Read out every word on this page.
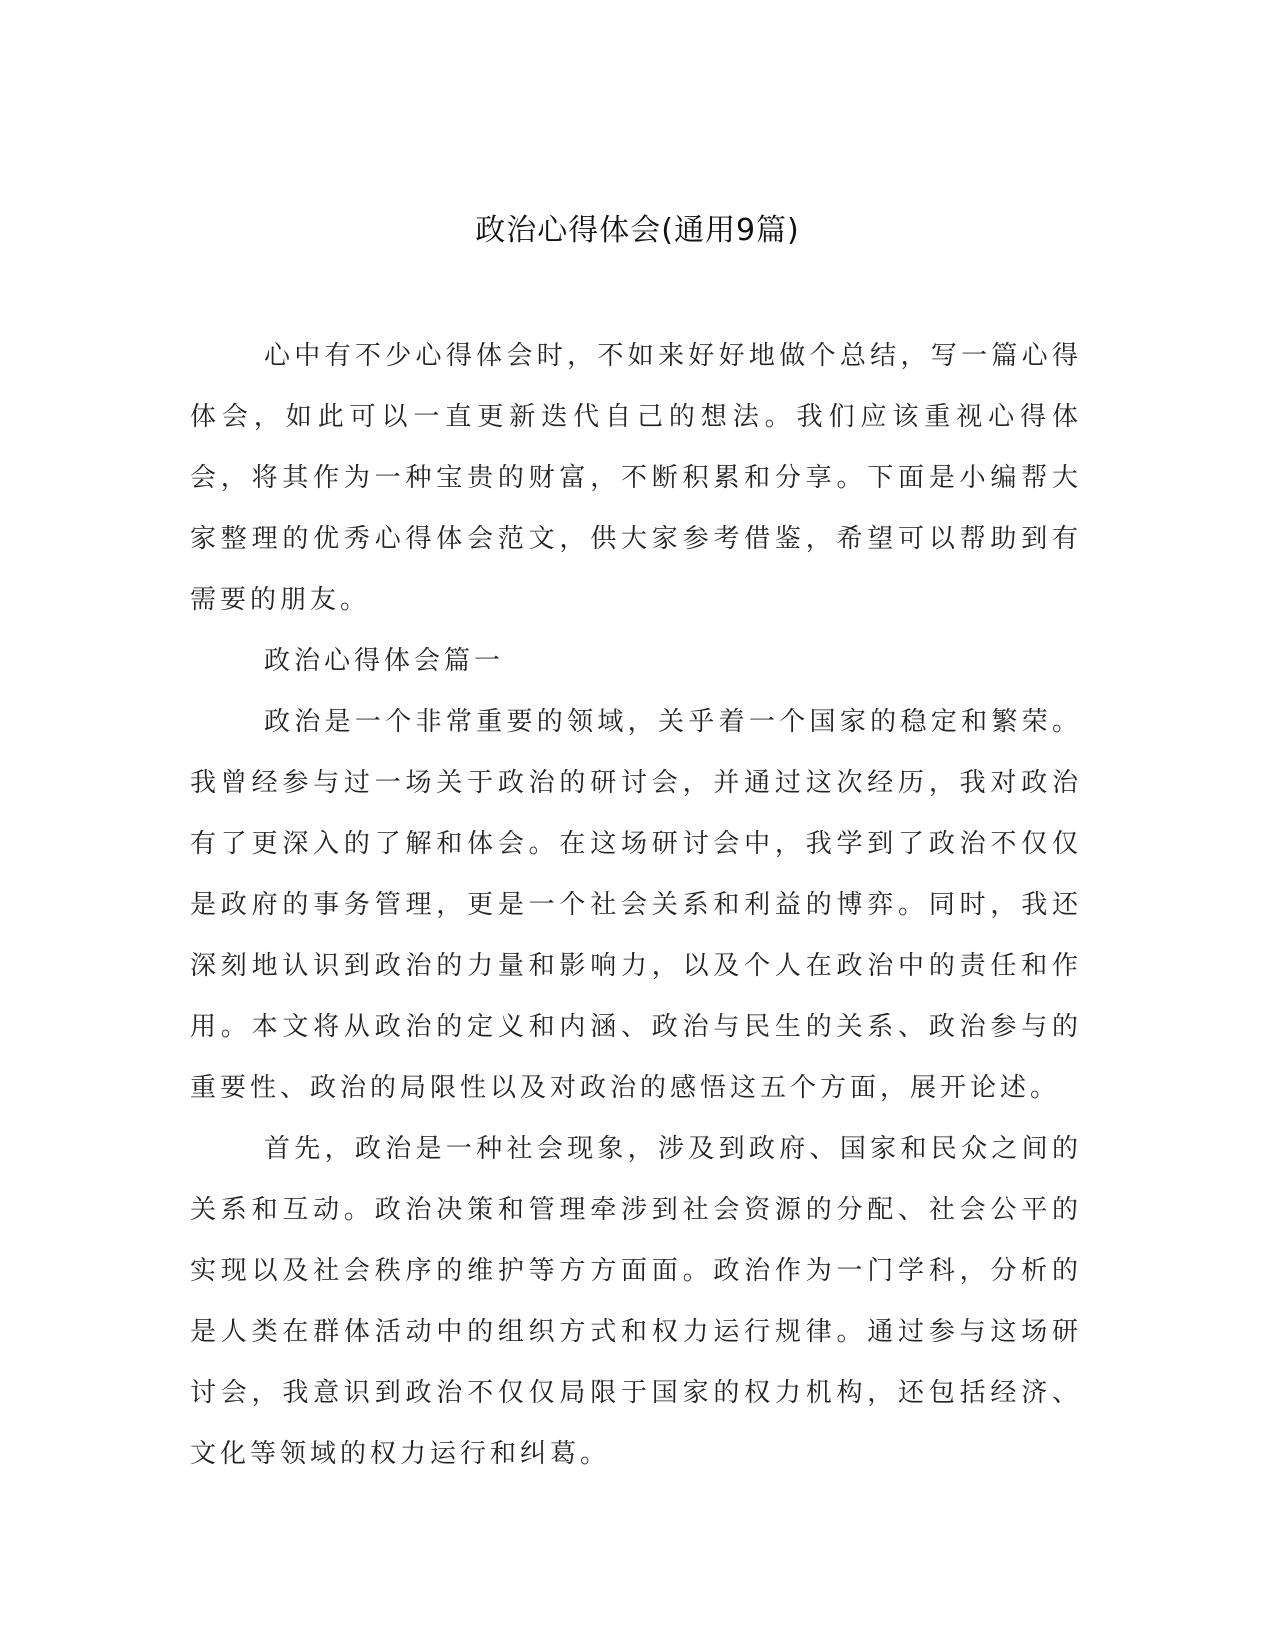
政治心得体会(通用9篇)

心中有不少心得体会时，不如来好好地做个总结，写一篇心得体会，如此可以一直更新迭代自己的想法。我们应该重视心得体会，将其作为一种宝贵的财富，不断积累和分享。下面是小编帮大家整理的优秀心得体会范文，供大家参考借鉴，希望可以帮助到有需要的朋友。

政治心得体会篇一

政治是一个非常重要的领域，关乎着一个国家的稳定和繁荣。我曾经参与过一场关于政治的研讨会，并通过这次经历，我对政治有了更深入的了解和体会。在这场研讨会中，我学到了政治不仅仅是政府的事务管理，更是一个社会关系和利益的博弈。同时，我还深刻地认识到政治的力量和影响力，以及个人在政治中的责任和作用。本文将从政治的定义和内涵、政治与民生的关系、政治参与的重要性、政治的局限性以及对政治的感悟这五个方面，展开论述。

首先，政治是一种社会现象，涉及到政府、国家和民众之间的关系和互动。政治决策和管理牵涉到社会资源的分配、社会公平的实现以及社会秩序的维护等方方面面。政治作为一门学科，分析的是人类在群体活动中的组织方式和权力运行规律。通过参与这场研讨会，我意识到政治不仅仅局限于国家的权力机构，还包括经济、文化等领域的权力运行和纠葛。
